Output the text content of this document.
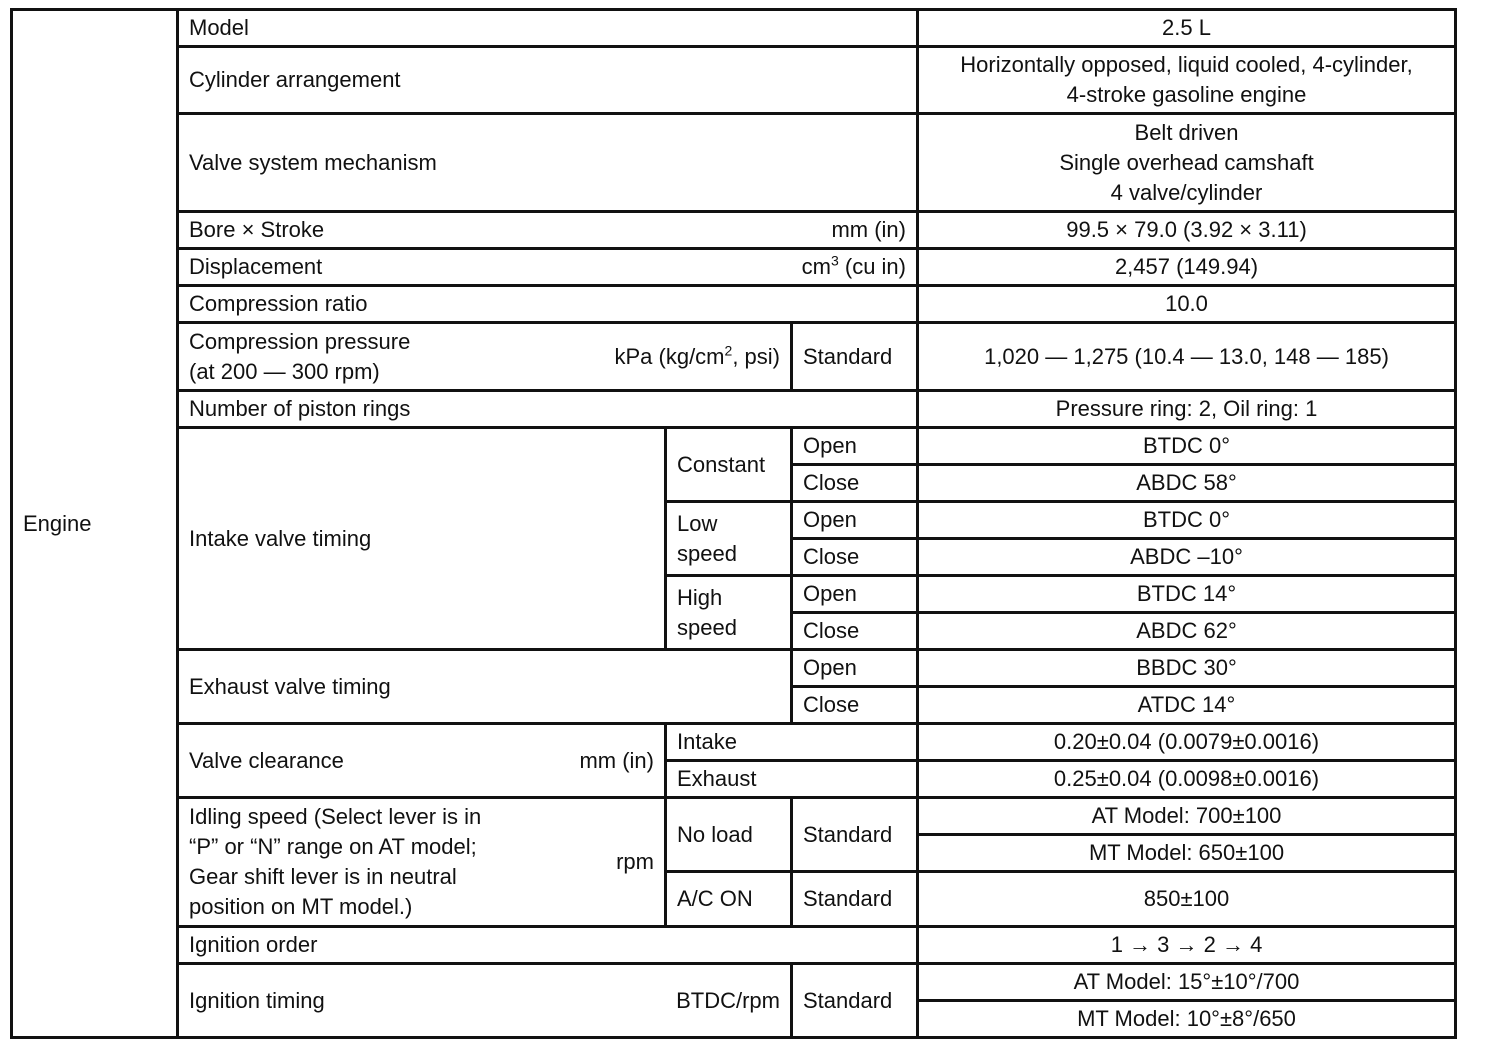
Engine	Model			2.5 L
	Cylinder arrangement			Horizontally opposed, liquid cooled, 4-cylinder,
4-stroke gasoline engine

	Valve system mechanism			Belt driven
Single overhead camshaft
4 valve/cylinder

	Bore × Stroke mm (in)			99.5 × 79.0 (3.92 × 3.11)

	Displacement $cm^3$ (cu in)			2,457 (149.94)
	Compression ratio			10.0

	Compression pressure
(at 200 — 300 rpm)
kPa ($kg/cm^2$, psi)		Standard	1,020 — 1,275 (10.4 — 13.0, 148 — 185)
	Number of piston rings			Pressure ring: 2, Oil ring: 1
	Intake valve timing	Constant	Open	BTDC 0°
			Close	ABDC 58°

		Low
speed	Open	BTDC 0°
			Close	ABDC –10°

		High
speed	Open	BTDC 14°
			Close	ABDC 62°
	Exhaust valve timing		Open	BBDC 30°
			Close	ATDC 14°

	Valve clearance mm (in)	Intake		0.20±0.04 (0.0079±0.0016)
		Exhaust		0.25±0.04 (0.0098±0.0016)

	Idling speed (Select lever is in
“P” or “N” range on AT model;
Gear shift lever is in neutral
position on MT model.)
rpm	No load	Standard	AT Model: 700±100
				MT Model: 650±100
		A/C ON	Standard	850±100
	Ignition order			1 → 3 → 2 → 4

	Ignition timing BTDC/rpm		Standard	AT Model: 15°±10°/700
				MT Model: 10°±8°/650
